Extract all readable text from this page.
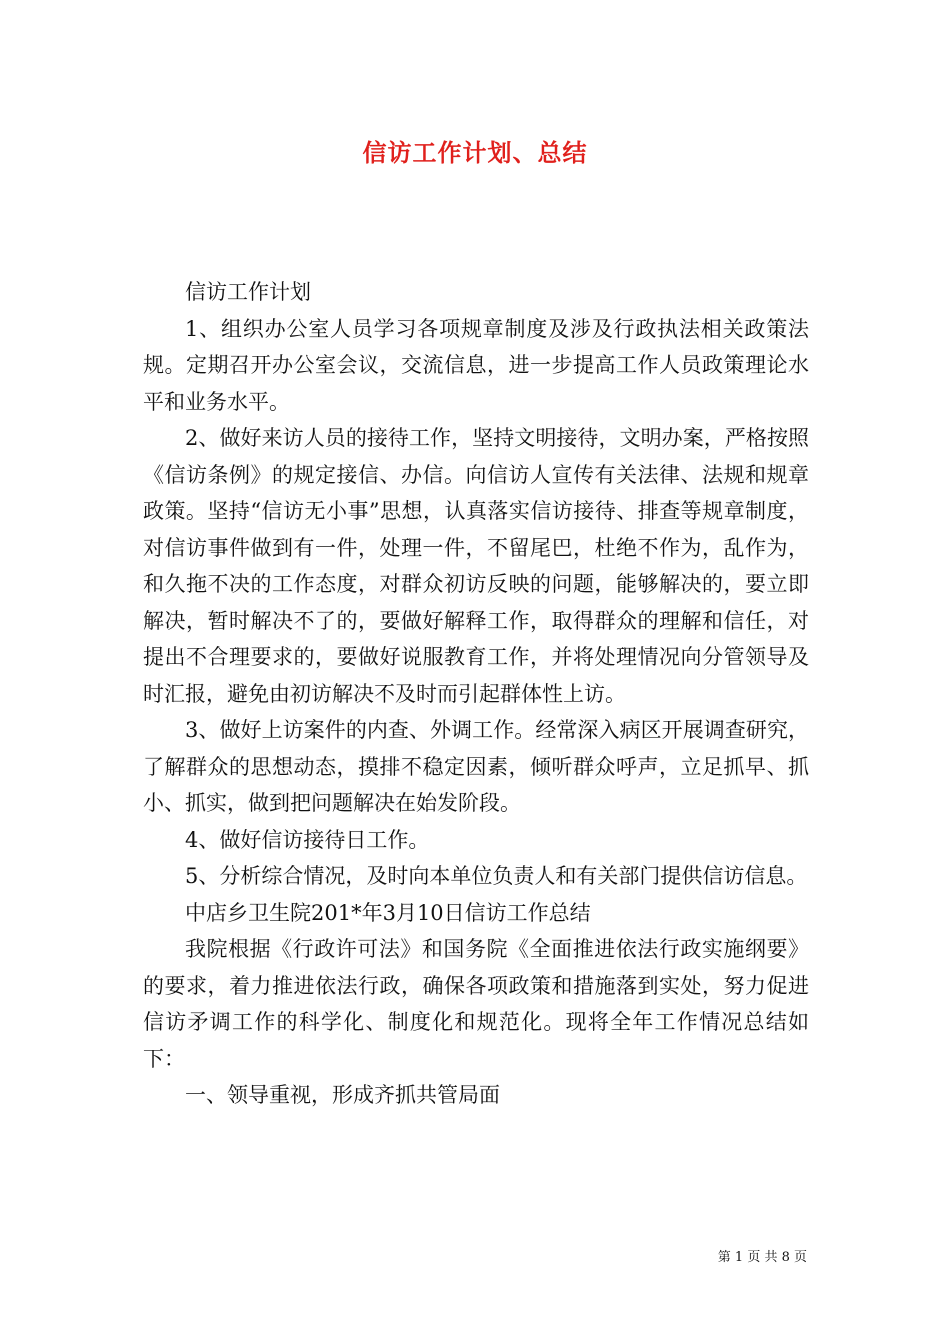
信访工作计划、总结

信访工作计划

1、组织办公室人员学习各项规章制度及涉及行政执法相关政策法规。定期召开办公室会议，交流信息，进一步提高工作人员政策理论水平和业务水平。

2、做好来访人员的接待工作，坚持文明接待，文明办案，严格按照《信访条例》的规定接信、办信。向信访人宣传有关法律、法规和规章政策。坚持“信访无小事”思想，认真落实信访接待、排查等规章制度，对信访事件做到有一件，处理一件，不留尾巴，杜绝不作为，乱作为，和久拖不决的工作态度，对群众初访反映的问题，能够解决的，要立即解决，暂时解决不了的，要做好解释工作，取得群众的理解和信任，对提出不合理要求的，要做好说服教育工作，并将处理情况向分管领导及时汇报，避免由初访解决不及时而引起群体性上访。

3、做好上访案件的内查、外调工作。经常深入病区开展调查研究，了解群众的思想动态，摸排不稳定因素，倾听群众呼声，立足抓早、抓小、抓实，做到把问题解决在始发阶段。

4、做好信访接待日工作。

5、分析综合情况，及时向本单位负责人和有关部门提供信访信息。

中店乡卫生院201*年3月10日信访工作总结

我院根据《行政许可法》和国务院《全面推进依法行政实施纲要》的要求，着力推进依法行政，确保各项政策和措施落到实处，努力促进信访矛调工作的科学化、制度化和规范化。现将全年工作情况总结如下：

一、领导重视，形成齐抓共管局面

第 1 页 共 8 页
